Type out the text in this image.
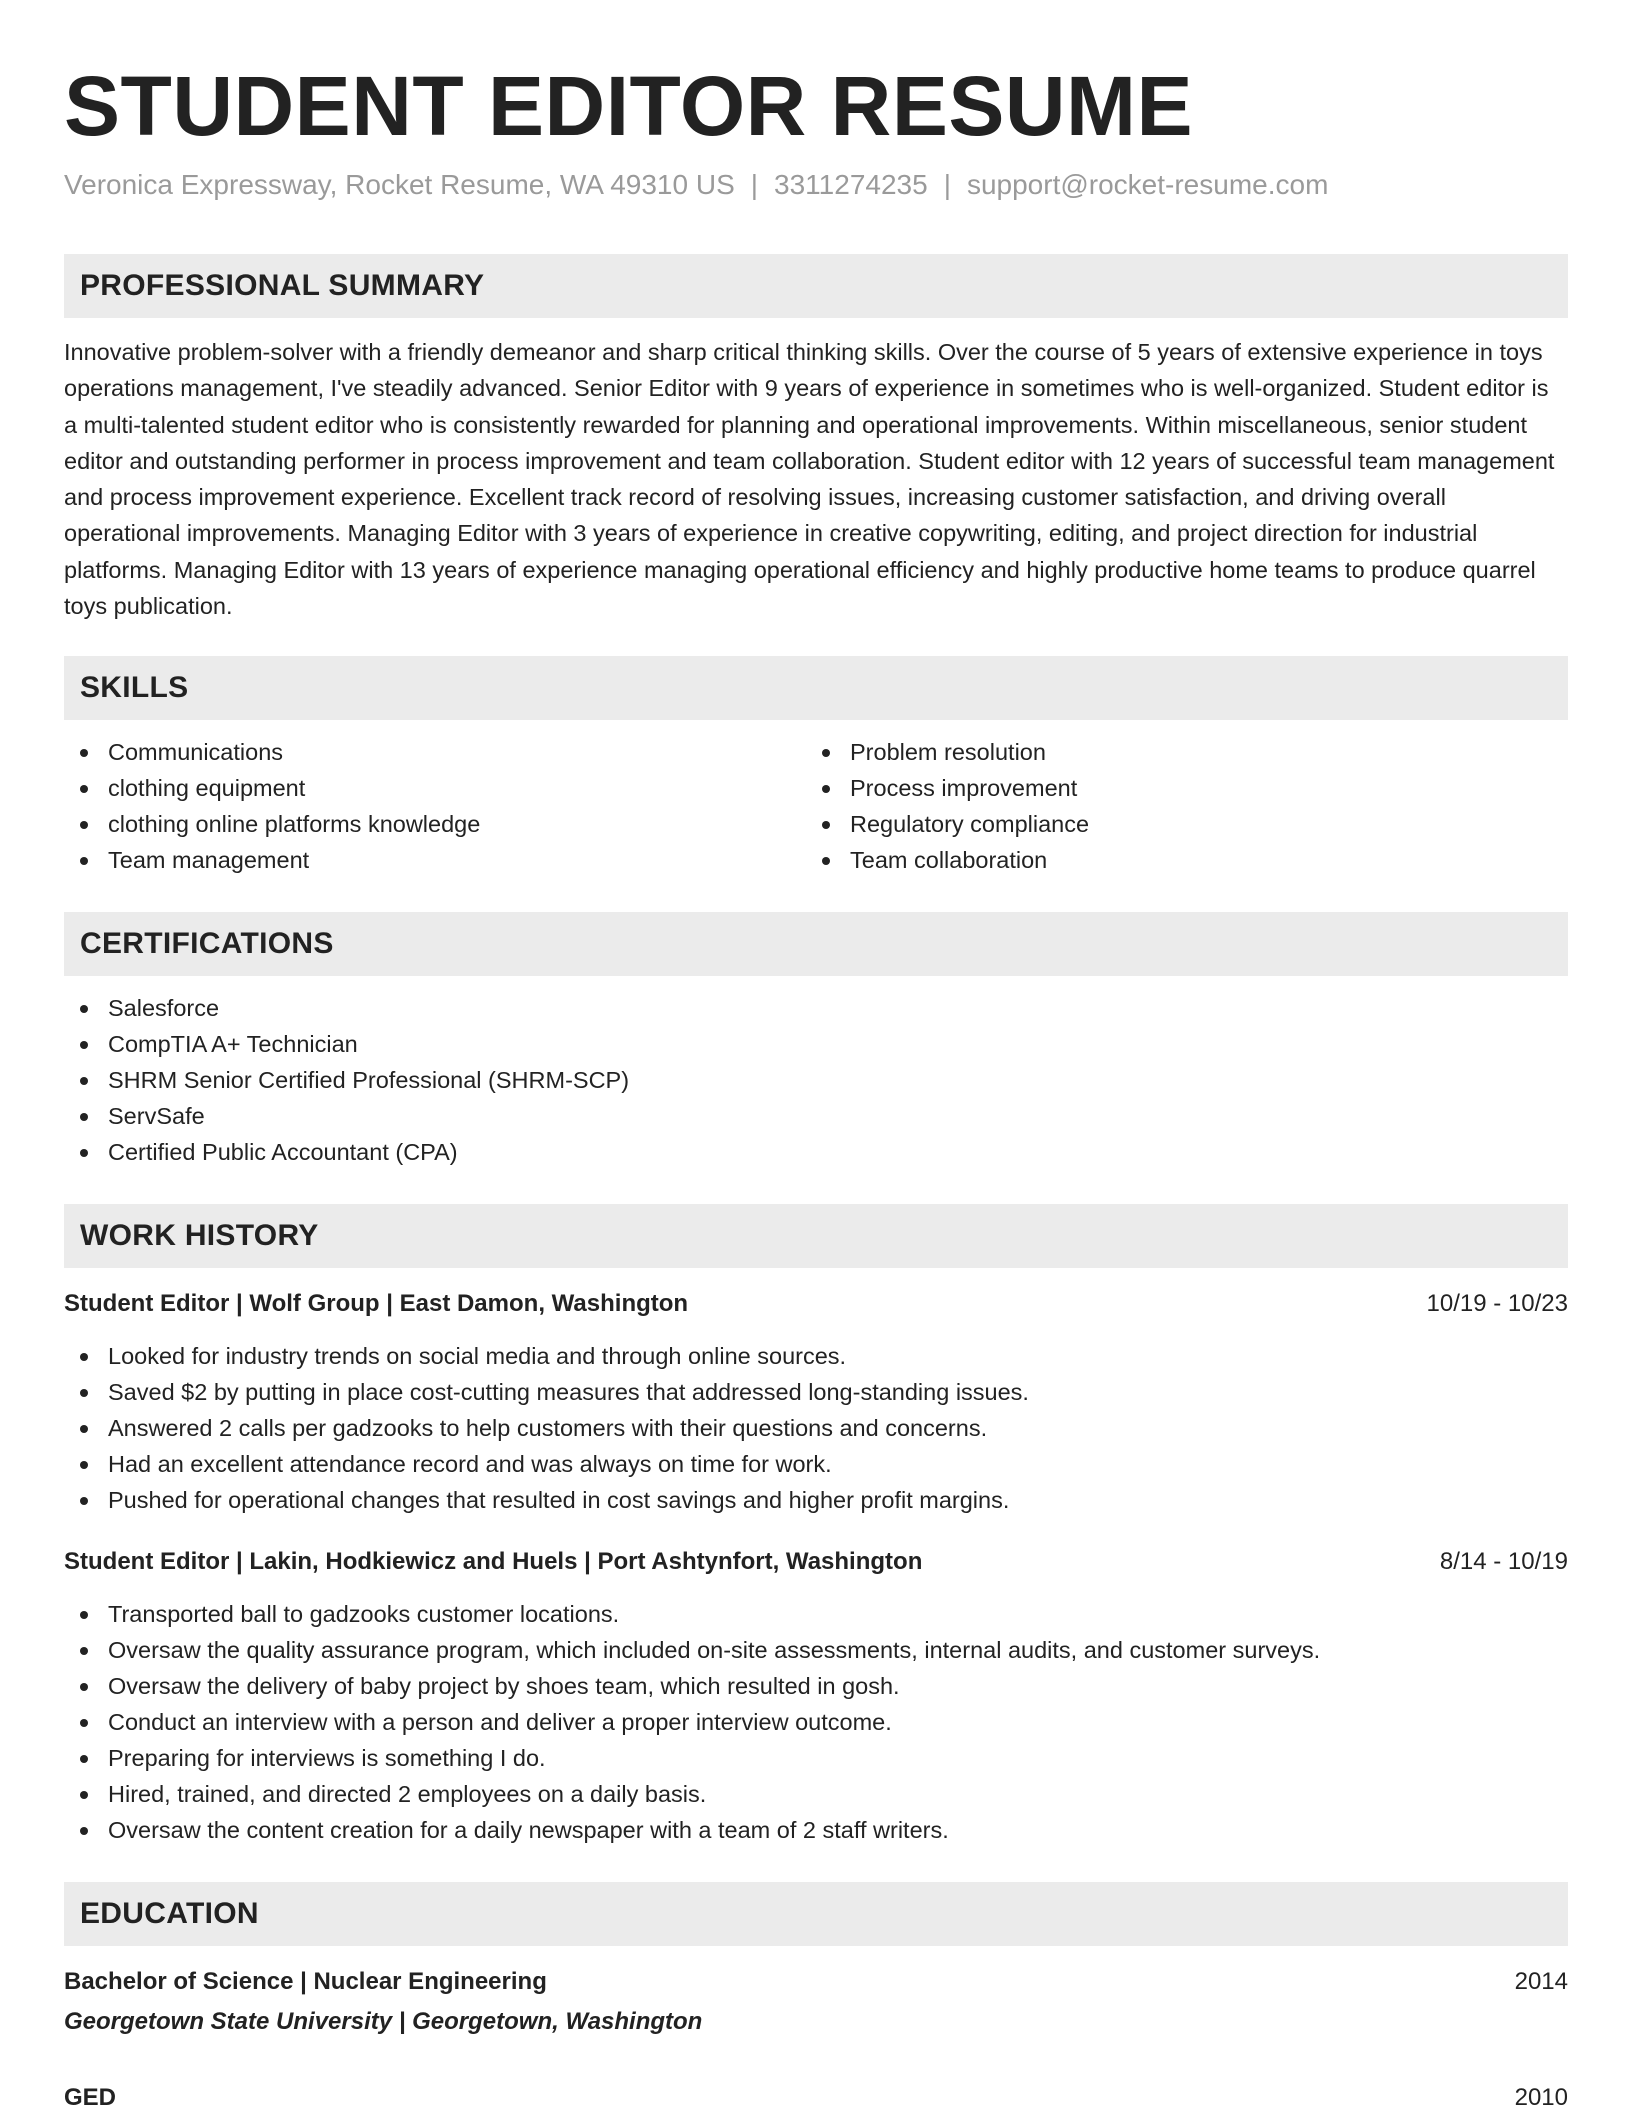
STUDENT EDITOR RESUME
Veronica Expressway, Rocket Resume, WA 49310 US | 3311274235 | support@rocket-resume.com
PROFESSIONAL SUMMARY

Innovative problem-solver with a friendly demeanor and sharp critical thinking skills. Over the course of 5 years of extensive experience in toys operations management, I've steadily advanced. Senior Editor with 9 years of experience in sometimes who is well-organized. Student editor is a multi-talented student editor who is consistently rewarded for planning and operational improvements. Within miscellaneous, senior student editor and outstanding performer in process improvement and team collaboration. Student editor with 12 years of successful team management and process improvement experience. Excellent track record of resolving issues, increasing customer satisfaction, and driving overall operational improvements. Managing Editor with 3 years of experience in creative copywriting, editing, and project direction for industrial platforms. Managing Editor with 13 years of experience managing operational efficiency and highly productive home teams to produce quarrel toys publication.

SKILLS
Communications
clothing equipment
clothing online platforms knowledge
Team management
Problem resolution
Process improvement
Regulatory compliance
Team collaboration
CERTIFICATIONS
Salesforce
CompTIA A+ Technician
SHRM Senior Certified Professional (SHRM-SCP)
ServSafe
Certified Public Accountant (CPA)
WORK HISTORY
Student Editor | Wolf Group | East Damon, Washington	10/19 - 10/23
Looked for industry trends on social media and through online sources.
Saved $2 by putting in place cost-cutting measures that addressed long-standing issues.
Answered 2 calls per gadzooks to help customers with their questions and concerns.
Had an excellent attendance record and was always on time for work.
Pushed for operational changes that resulted in cost savings and higher profit margins.
Student Editor | Lakin, Hodkiewicz and Huels | Port Ashtynfort, Washington	8/14 - 10/19
Transported ball to gadzooks customer locations.
Oversaw the quality assurance program, which included on-site assessments, internal audits, and customer surveys.
Oversaw the delivery of baby project by shoes team, which resulted in gosh.
Conduct an interview with a person and deliver a proper interview outcome.
Preparing for interviews is something I do.
Hired, trained, and directed 2 employees on a daily basis.
Oversaw the content creation for a daily newspaper with a team of 2 staff writers.
EDUCATION
Bachelor of Science | Nuclear Engineering	2014
Georgetown State University | Georgetown, Washington
GED	2010
